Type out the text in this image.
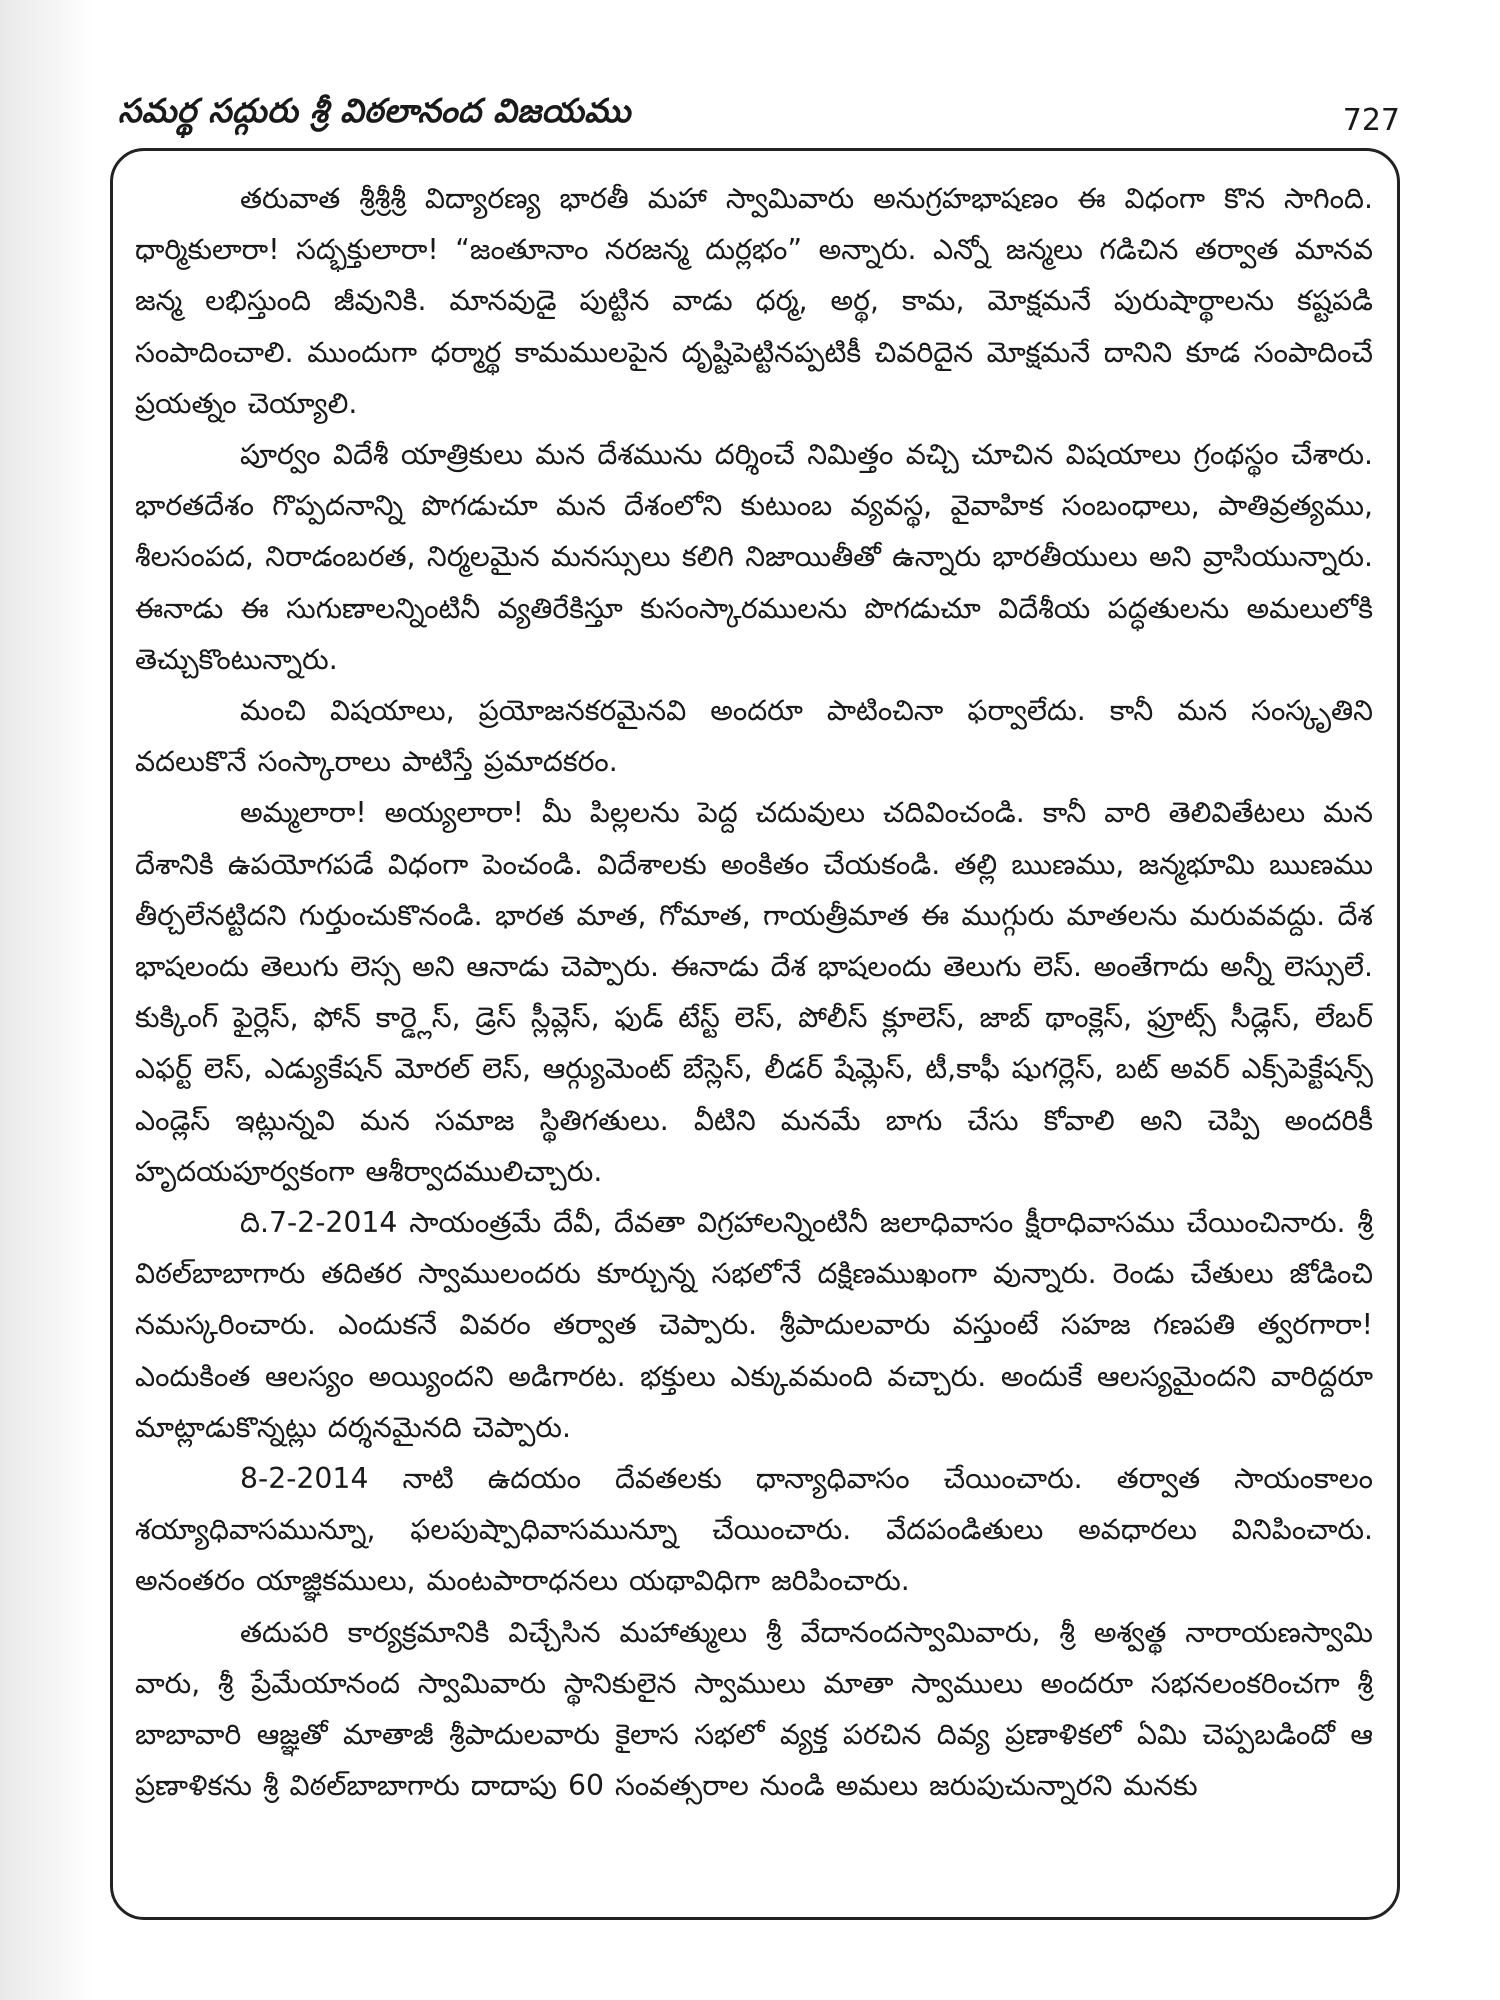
సమర్థ సద్గురు శ్రీ విఠలానంద విజయము	727

తరువాత శ్రీశ్రీశ్రీ విద్యారణ్య భారతీ మహా స్వామివారు అనుగ్రహభాషణం ఈ విధంగా కొన సాగింది. ధార్మికులారా! సద్భక్తులారా! “జంతూనాం నరజన్మ దుర్లభం” అన్నారు. ఎన్నో జన్మలు గడిచిన తర్వాత మానవ జన్మ లభిస్తుంది జీవునికి. మానవుడై పుట్టిన వాడు ధర్మ, అర్థ, కామ, మోక్షమనే పురుషార్థాలను కష్టపడి సంపాదించాలి. ముందుగా ధర్మార్థ కామములపైన దృష్టిపెట్టినప్పటికీ చివరిదైన మోక్షమనే దానిని కూడ సంపాదించే ప్రయత్నం చెయ్యాలి.

పూర్వం విదేశీ యాత్రికులు మన దేశమును దర్శించే నిమిత్తం వచ్చి చూచిన విషయాలు గ్రంథస్థం చేశారు. భారతదేశం గొప్పదనాన్ని పొగడుచూ మన దేశంలోని కుటుంబ వ్యవస్థ, వైవాహిక సంబంధాలు, పాతివ్రత్యము, శీలసంపద, నిరాడంబరత, నిర్మలమైన మనస్సులు కలిగి నిజాయితీతో ఉన్నారు భారతీయులు అని వ్రాసియున్నారు. ఈనాడు ఈ సుగుణాలన్నింటినీ వ్యతిరేకిస్తూ కుసంస్కారములను పొగడుచూ విదేశీయ పద్ధతులను అమలులోకి తెచ్చుకొంటున్నారు.

మంచి విషయాలు, ప్రయోజనకరమైనవి అందరూ పాటించినా ఫర్వాలేదు. కానీ మన సంస్కృతిని వదలుకొనే సంస్కారాలు పాటిస్తే ప్రమాదకరం.

అమ్మలారా! అయ్యలారా! మీ పిల్లలను పెద్ద చదువులు చదివించండి. కానీ వారి తెలివితేటలు మన దేశానికి ఉపయోగపడే విధంగా పెంచండి. విదేశాలకు అంకితం చేయకండి. తల్లి ఋణము, జన్మభూమి ఋణము తీర్చలేనట్టిదని గుర్తుంచుకొనండి. భారత మాత, గోమాత, గాయత్రీమాత ఈ ముగ్గురు మాతలను మరువవద్దు. దేశ భాషలందు తెలుగు లెస్స అని ఆనాడు చెప్పారు. ఈనాడు దేశ భాషలందు తెలుగు లెస్. అంతేగాదు అన్నీ లెస్సులే. కుక్కింగ్ ఫైర్లెస్, ఫోన్ కార్డ్లెస్, డ్రెస్ స్లీవ్లెస్, ఫుడ్ టేస్ట్ లెస్, పోలీస్ క్లూలెస్, జాబ్ థాంక్లెస్, ఫ్రూట్స్ సీడ్లెస్, లేబర్ ఎఫర్ట్ లెస్, ఎడ్యుకేషన్ మోరల్ లెస్, ఆర్గ్యుమెంట్ బేస్లెస్, లీడర్ షేమ్లెస్, టీ,కాఫీ షుగర్లెస్, బట్ అవర్ ఎక్స్‌పెక్టేషన్స్ ఎండ్లెస్ ఇట్లున్నవి మన సమాజ స్థితిగతులు. వీటిని మనమే బాగు చేసు కోవాలి అని చెప్పి అందరికీ హృదయపూర్వకంగా ఆశీర్వాదములిచ్చారు.

ది.7-2-2014 సాయంత్రమే దేవీ, దేవతా విగ్రహాలన్నింటినీ జలాధివాసం క్షీరాధివాసము చేయించినారు. శ్రీ విఠల్‌బాబాగారు తదితర స్వాములందరు కూర్చున్న సభలోనే దక్షిణముఖంగా వున్నారు. రెండు చేతులు జోడించి నమస్కరించారు. ఎందుకనే వివరం తర్వాత చెప్పారు. శ్రీపాదులవారు వస్తుంటే సహజ గణపతి త్వరగారా! ఎందుకింత ఆలస్యం అయ్యిందని అడిగారట. భక్తులు ఎక్కువమంది వచ్చారు. అందుకే ఆలస్యమైందని వారిద్దరూ మాట్లాడుకొన్నట్లు దర్శనమైనది చెప్పారు.

8-2-2014 నాటి ఉదయం దేవతలకు ధాన్యాధివాసం చేయించారు. తర్వాత సాయంకాలం శయ్యాధివాసమున్నూ, ఫలపుష్పాధివాసమున్నూ చేయించారు. వేదపండితులు అవధారలు వినిపించారు. అనంతరం యాజ్ఞికములు, మంటపారాధనలు యథావిధిగా జరిపించారు.

తదుపరి కార్యక్రమానికి విచ్చేసిన మహాత్ములు శ్రీ వేదానందస్వామివారు, శ్రీ అశ్వత్థ నారాయణస్వామి వారు, శ్రీ ప్రేమేయానంద స్వామివారు స్థానికులైన స్వాములు మాతా స్వాములు అందరూ సభనలంకరించగా శ్రీ బాబావారి ఆజ్ఞతో మాతాజీ శ్రీపాదులవారు కైలాస సభలో వ్యక్త పరచిన దివ్య ప్రణాళికలో ఏమి చెప్పబడిందో ఆ ప్రణాళికను శ్రీ విఠల్‌బాబాగారు దాదాపు 60 సంవత్సరాల నుండి అమలు జరుపుచున్నారని మనకు
